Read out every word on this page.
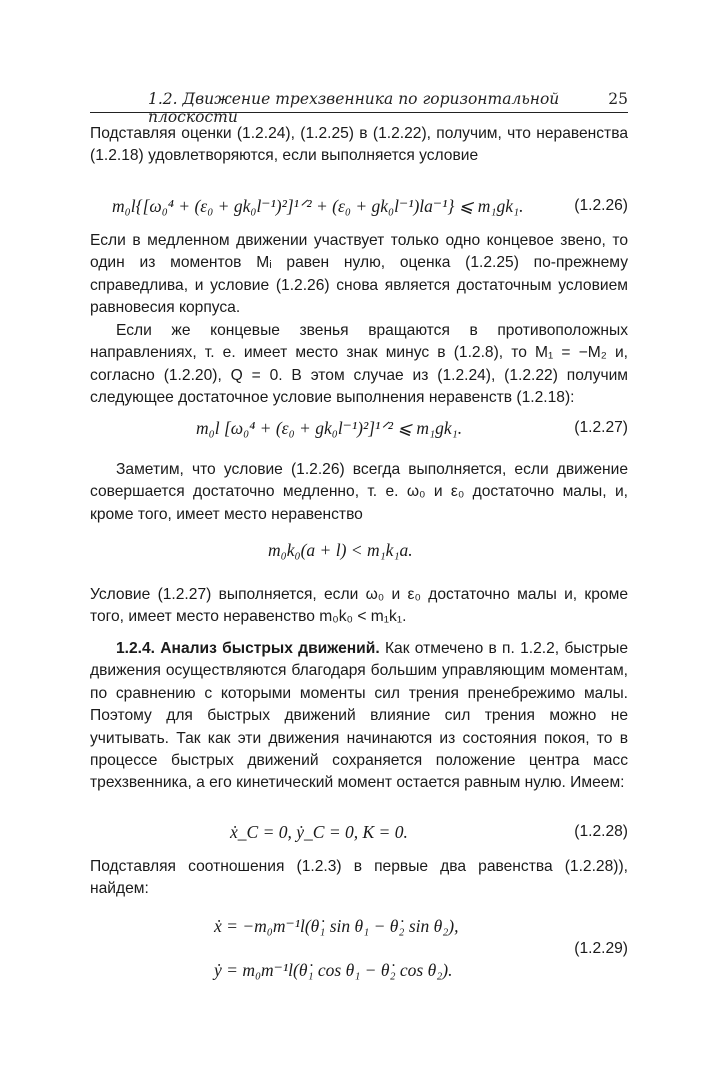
1.2. Движение трехзвенника по горизонтальной плоскости
25

Подставляя оценки (1.2.24), (1.2.25) в (1.2.22), получим, что неравенства (1.2.18) удовлетворяются, если выполняется условие

m₀l{[ω₀⁴ + (ε₀ + gk₀l⁻¹)²]¹ᐟ² + (ε₀ + gk₀l⁻¹)la⁻¹} ⩽ m₁gk₁.	(1.2.26)

Если в медленном движении участвует только одно концевое звено, то один из моментов Mᵢ равен нулю, оценка (1.2.25) по-прежнему справедлива, и условие (1.2.26) снова является достаточным условием равновесия корпуса.

Если же концевые звенья вращаются в противоположных направлениях, т. е. имеет место знак минус в (1.2.8), то M₁ = −M₂ и, согласно (1.2.20), Q = 0. В этом случае из (1.2.24), (1.2.22) получим следующее достаточное условие выполнения неравенств (1.2.18):

m₀l [ω₀⁴ + (ε₀ + gk₀l⁻¹)²]¹ᐟ² ⩽ m₁gk₁.	(1.2.27)

Заметим, что условие (1.2.26) всегда выполняется, если движение совершается достаточно медленно, т. е. ω₀ и ε₀ достаточно малы, и, кроме того, имеет место неравенство

m₀k₀(a + l) < m₁k₁a.

Условие (1.2.27) выполняется, если ω₀ и ε₀ достаточно малы и, кроме того, имеет место неравенство m₀k₀ < m₁k₁.

1.2.4. Анализ быстрых движений. Как отмечено в п. 1.2.2, быстрые движения осуществляются благодаря большим управляющим моментам, по сравнению с которыми моменты сил трения пренебрежимо малы. Поэтому для быстрых движений влияние сил трения можно не учитывать. Так как эти движения начинаются из состояния покоя, то в процессе быстрых движений сохраняется положение центра масс трехзвенника, а его кинетический момент остается равным нулю. Имеем:

ẋ_C = 0, ẏ_C = 0, K = 0.	(1.2.28)

Подставляя соотношения (1.2.3) в первые два равенства (1.2.28)), найдем:

ẋ = −m₀m⁻¹l(θ̇₁ sin θ₁ − θ̇₂ sin θ₂),
ẏ = m₀m⁻¹l(θ̇₁ cos θ₁ − θ̇₂ cos θ₂).
(1.2.29)
